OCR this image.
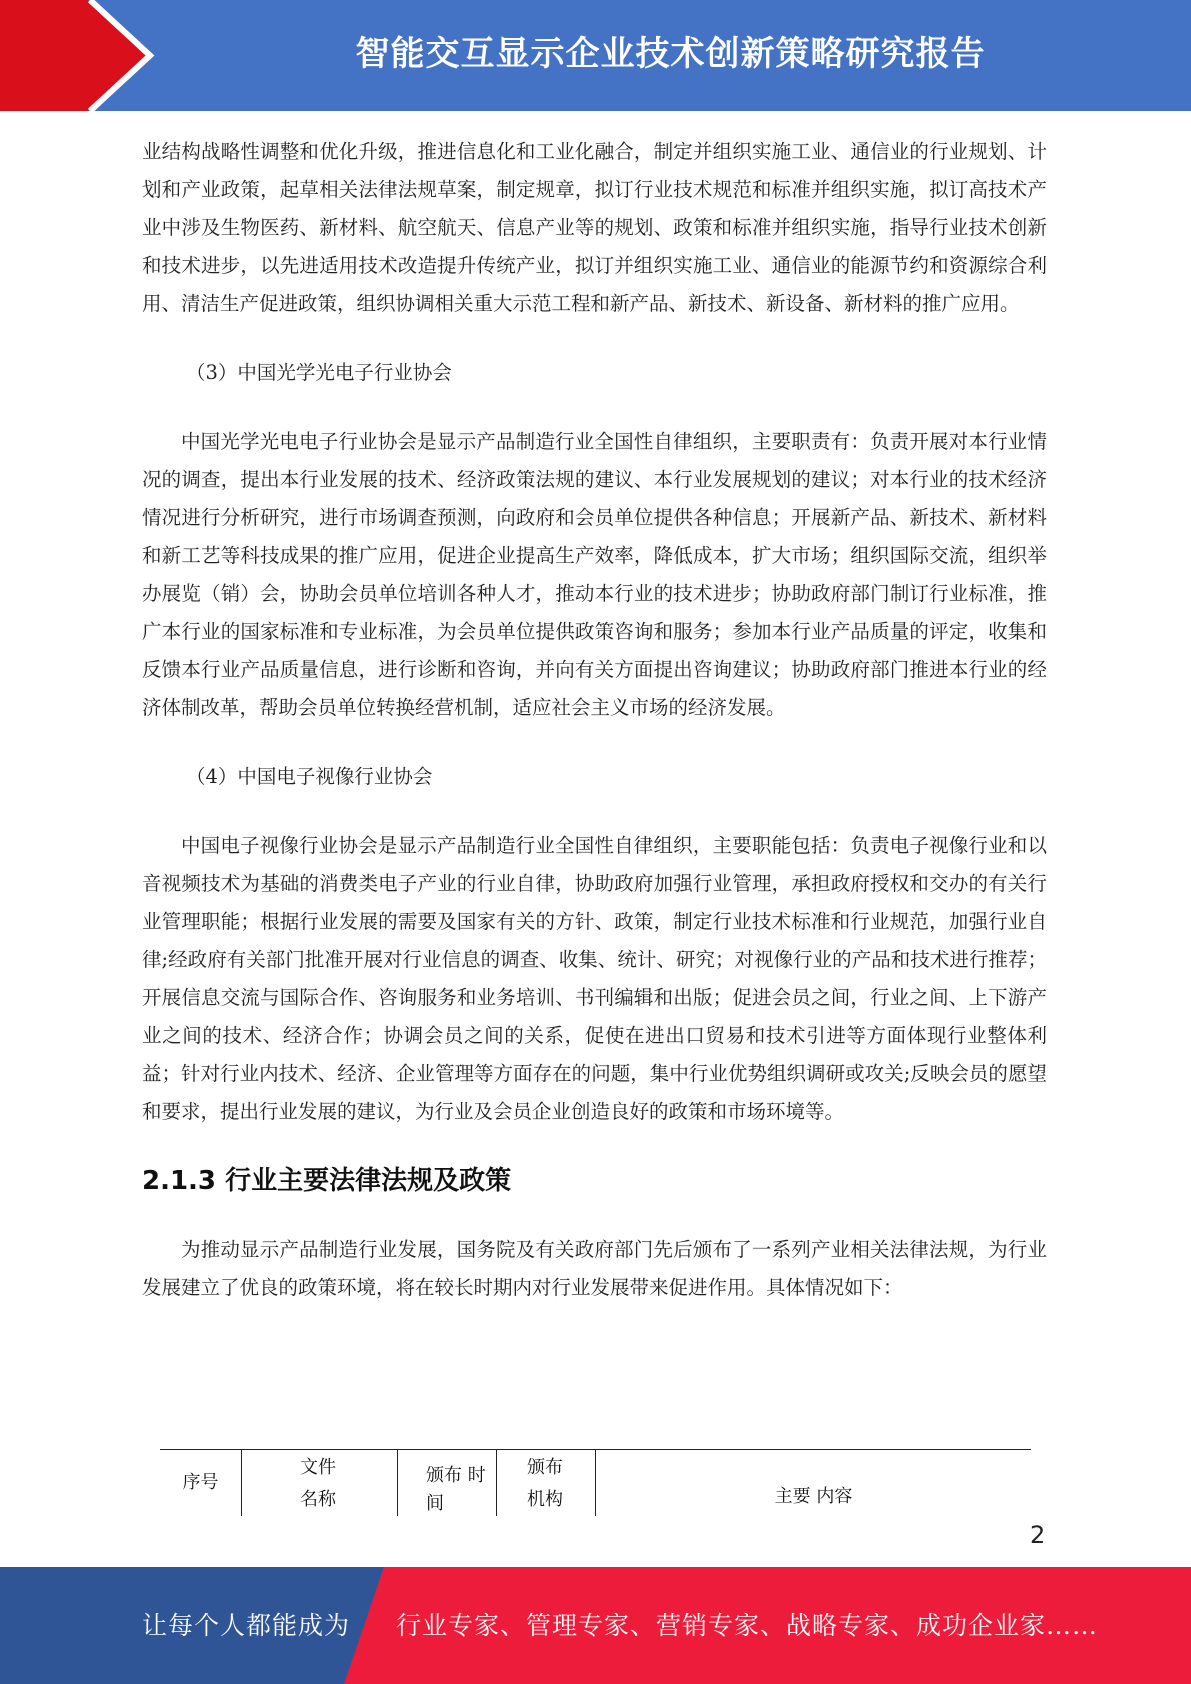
智能交互显示企业技术创新策略研究报告

业结构战略性调整和优化升级，推进信息化和工业化融合，制定并组织实施工业、通信业的行业规划、计划和产业政策，起草相关法律法规草案，制定规章，拟订行业技术规范和标准并组织实施，拟订高技术产业中涉及生物医药、新材料、航空航天、信息产业等的规划、政策和标准并组织实施，指导行业技术创新和技术进步，以先进适用技术改造提升传统产业，拟订并组织实施工业、通信业的能源节约和资源综合利用、清洁生产促进政策，组织协调相关重大示范工程和新产品、新技术、新设备、新材料的推广应用。

（3）中国光学光电子行业协会

中国光学光电电子行业协会是显示产品制造行业全国性自律组织，主要职责有：负责开展对本行业情况的调查，提出本行业发展的技术、经济政策法规的建议、本行业发展规划的建议；对本行业的技术经济情况进行分析研究，进行市场调查预测，向政府和会员单位提供各种信息；开展新产品、新技术、新材料和新工艺等科技成果的推广应用，促进企业提高生产效率，降低成本，扩大市场；组织国际交流，组织举办展览（销）会，协助会员单位培训各种人才，推动本行业的技术进步；协助政府部门制订行业标准，推广本行业的国家标准和专业标准，为会员单位提供政策咨询和服务；参加本行业产品质量的评定，收集和反馈本行业产品质量信息，进行诊断和咨询，并向有关方面提出咨询建议；协助政府部门推进本行业的经济体制改革，帮助会员单位转换经营机制，适应社会主义市场的经济发展。

（4）中国电子视像行业协会

中国电子视像行业协会是显示产品制造行业全国性自律组织，主要职能包括：负责电子视像行业和以音视频技术为基础的消费类电子产业的行业自律，协助政府加强行业管理，承担政府授权和交办的有关行业管理职能；根据行业发展的需要及国家有关的方针、政策，制定行业技术标准和行业规范，加强行业自律;经政府有关部门批准开展对行业信息的调查、收集、统计、研究；对视像行业的产品和技术进行推荐；开展信息交流与国际合作、咨询服务和业务培训、书刊编辑和出版；促进会员之间，行业之间、上下游产业之间的技术、经济合作；协调会员之间的关系，促使在进出口贸易和技术引进等方面体现行业整体利益；针对行业内技术、经济、企业管理等方面存在的问题，集中行业优势组织调研或攻关;反映会员的愿望和要求，提出行业发展的建议，为行业及会员企业创造良好的政策和市场环境等。

2.1.3 行业主要法律法规及政策

为推动显示产品制造行业发展，国务院及有关政府部门先后颁布了一系列产业相关法律法规，为行业发展建立了优良的政策环境，将在较长时期内对行业发展带来促进作用。具体情况如下：

序号
文件
名称
颁布 时
间
颁布
机构	主要 内容
2
让每个人都能成为 行业专家、管理专家、营销专家、战略专家、成功企业家……
